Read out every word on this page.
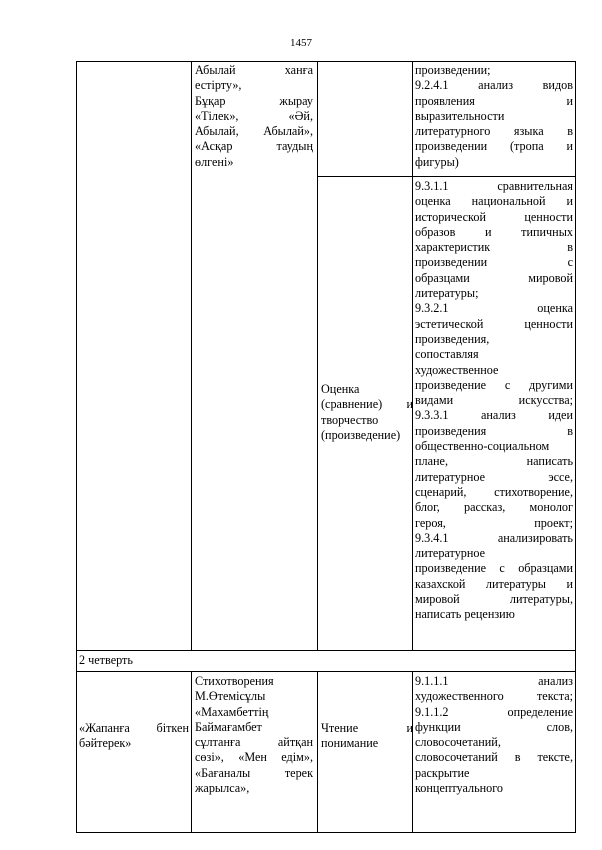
1457
Абылай ханға
естірту»,
Бұқар жырау
«Тілек», «Әй,
Абылай, Абылай»,
«Асқар таудың
өлгені»
произведении;
9.2.4.1 анализ видов
проявления и
выразительности
литературного языка в
произведении (тропа и
фигуры)
Оценка
(сравнение) и
творчество
(произведение)
9.3.1.1 сравнительная
оценка национальной и
исторической ценности
образов и типичных
характеристик в
произведении с
образцами мировой
литературы;
9.3.2.1 оценка
эстетической ценности
произведения,
сопоставляя
художественное
произведение с другими
видами искусства;
9.3.3.1 анализ идеи
произведения в
общественно-социальном
плане, написать
литературное эссе,
сценарий, стихотворение,
блог, рассказ, монолог
героя, проект;
9.3.4.1 анализировать
литературное
произведение с образцами
казахской литературы и
мировой литературы,
написать рецензию
2 четверть
«Жапанға біткен
бәйтерек»
Стихотворения
М.Өтемісұлы
«Махамбеттің
Баймағамбет
сұлтанға айтқан
сөзі», «Мен едім»,
«Бағаналы терек
жарылса»,
Чтение и
понимание
9.1.1.1 анализ
художественного текста;
9.1.1.2 определение
функции слов,
словосочетаний,
словосочетаний в тексте,
раскрытие
концептуального
